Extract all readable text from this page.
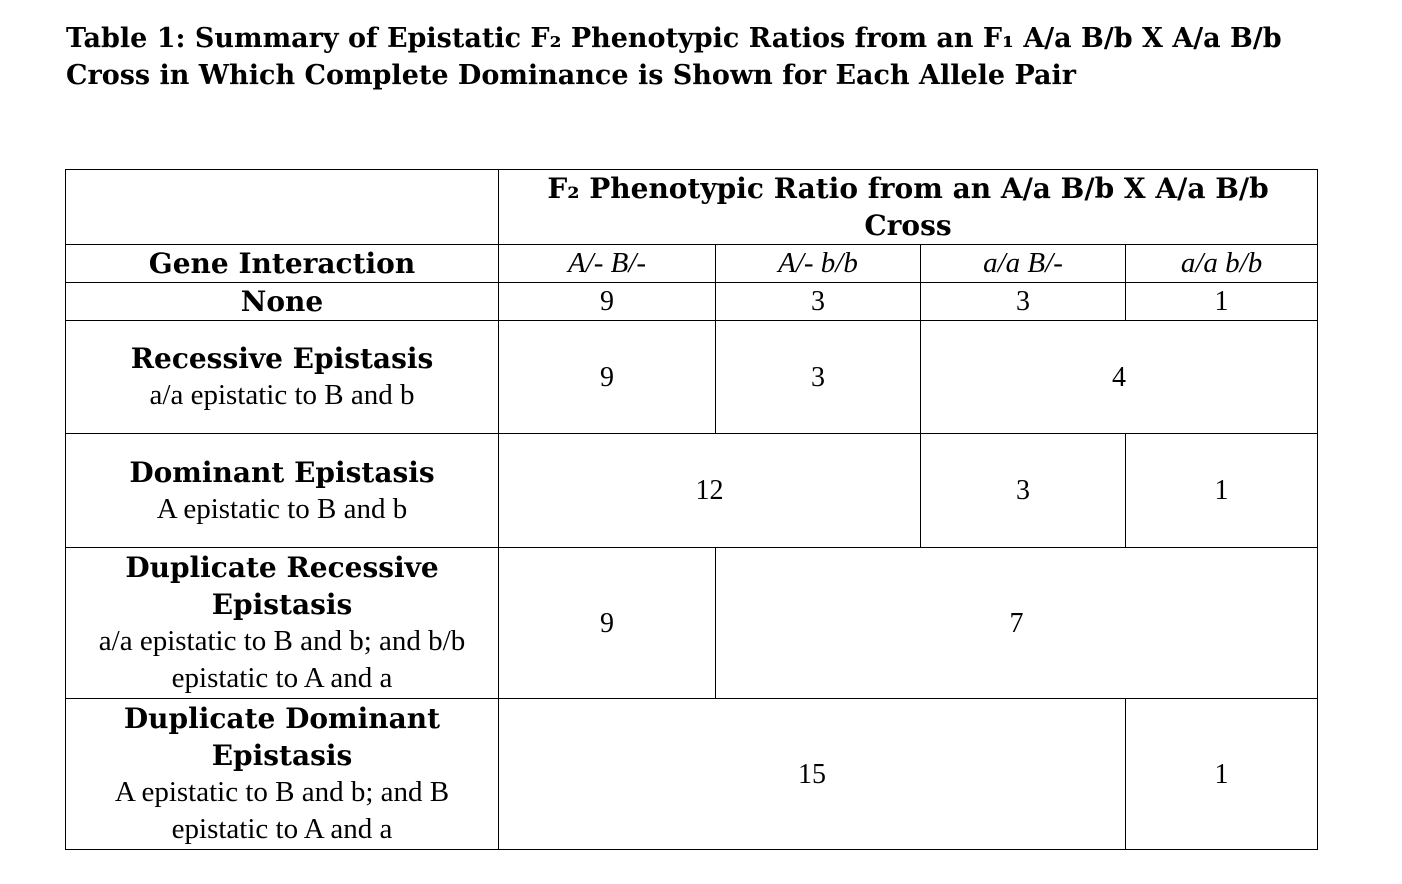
Table 1: Summary of Epistatic F₂ Phenotypic Ratios from an F₁ A/a B/b X A/a B/b
Cross in Which Complete Dominance is Shown for Each Allele Pair
	F₂ Phenotypic Ratio from an A/a B/b X A/a B/b Cross			
Gene Interaction	A/- B/-	A/- b/b	a/a B/-	a/a b/b

None	9	3	3	1

Recessive Epistasis
a/a epistatic to B and b	9	3	4	

Dominant Epistasis
A epistatic to B and b	12		3	1

Duplicate Recessive Epistasis
a/a epistatic to B and b; and b/b epistatic to A and a	9	7		

Duplicate Dominant Epistasis
A epistatic to B and b; and B epistatic to A and a	15			1
